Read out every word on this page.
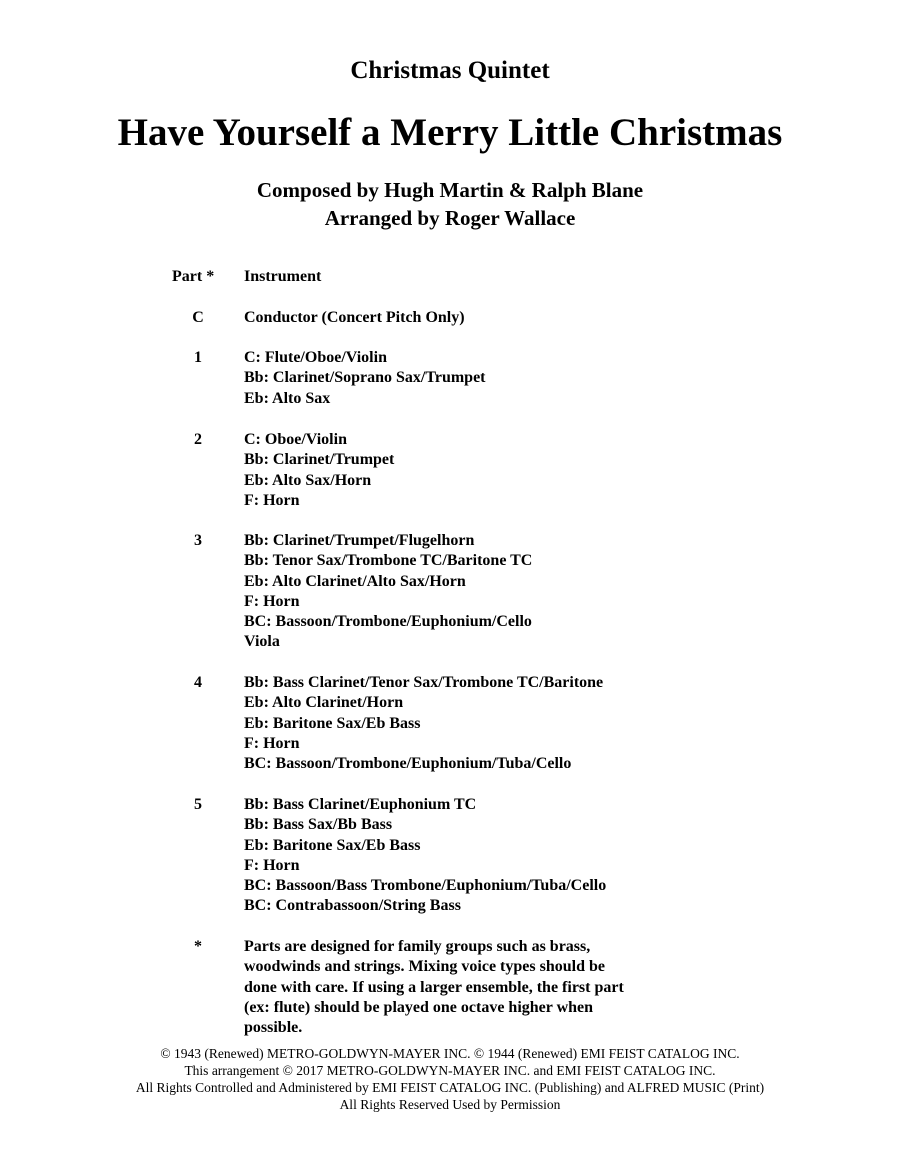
Christmas Quintet
Have Yourself a Merry Little Christmas
Composed by Hugh Martin & Ralph Blane
Arranged by Roger Wallace
Part *	Instrument
C	Conductor (Concert Pitch Only)
1	C: Flute/Oboe/Violin
Bb: Clarinet/Soprano Sax/Trumpet
Eb: Alto Sax
2	C: Oboe/Violin
Bb: Clarinet/Trumpet
Eb: Alto Sax/Horn
F: Horn
3	Bb: Clarinet/Trumpet/Flugelhorn
Bb: Tenor Sax/Trombone TC/Baritone TC
Eb: Alto Clarinet/Alto Sax/Horn
F: Horn
BC: Bassoon/Trombone/Euphonium/Cello
Viola
4	Bb: Bass Clarinet/Tenor Sax/Trombone TC/Baritone
Eb: Alto Clarinet/Horn
Eb: Baritone Sax/Eb Bass
F: Horn
BC: Bassoon/Trombone/Euphonium/Tuba/Cello
5	Bb: Bass Clarinet/Euphonium TC
Bb: Bass Sax/Bb Bass
Eb: Baritone Sax/Eb Bass
F: Horn
BC: Bassoon/Bass Trombone/Euphonium/Tuba/Cello
BC: Contrabassoon/String Bass
*	Parts are designed for family groups such as brass,
woodwinds and strings. Mixing voice types should be
done with care. If using a larger ensemble, the first part
(ex: flute) should be played one octave higher when
possible.
© 1943 (Renewed) METRO-GOLDWYN-MAYER INC. © 1944 (Renewed) EMI FEIST CATALOG INC.
This arrangement © 2017 METRO-GOLDWYN-MAYER INC. and EMI FEIST CATALOG INC.
All Rights Controlled and Administered by EMI FEIST CATALOG INC. (Publishing) and ALFRED MUSIC (Print)
All Rights Reserved Used by Permission
